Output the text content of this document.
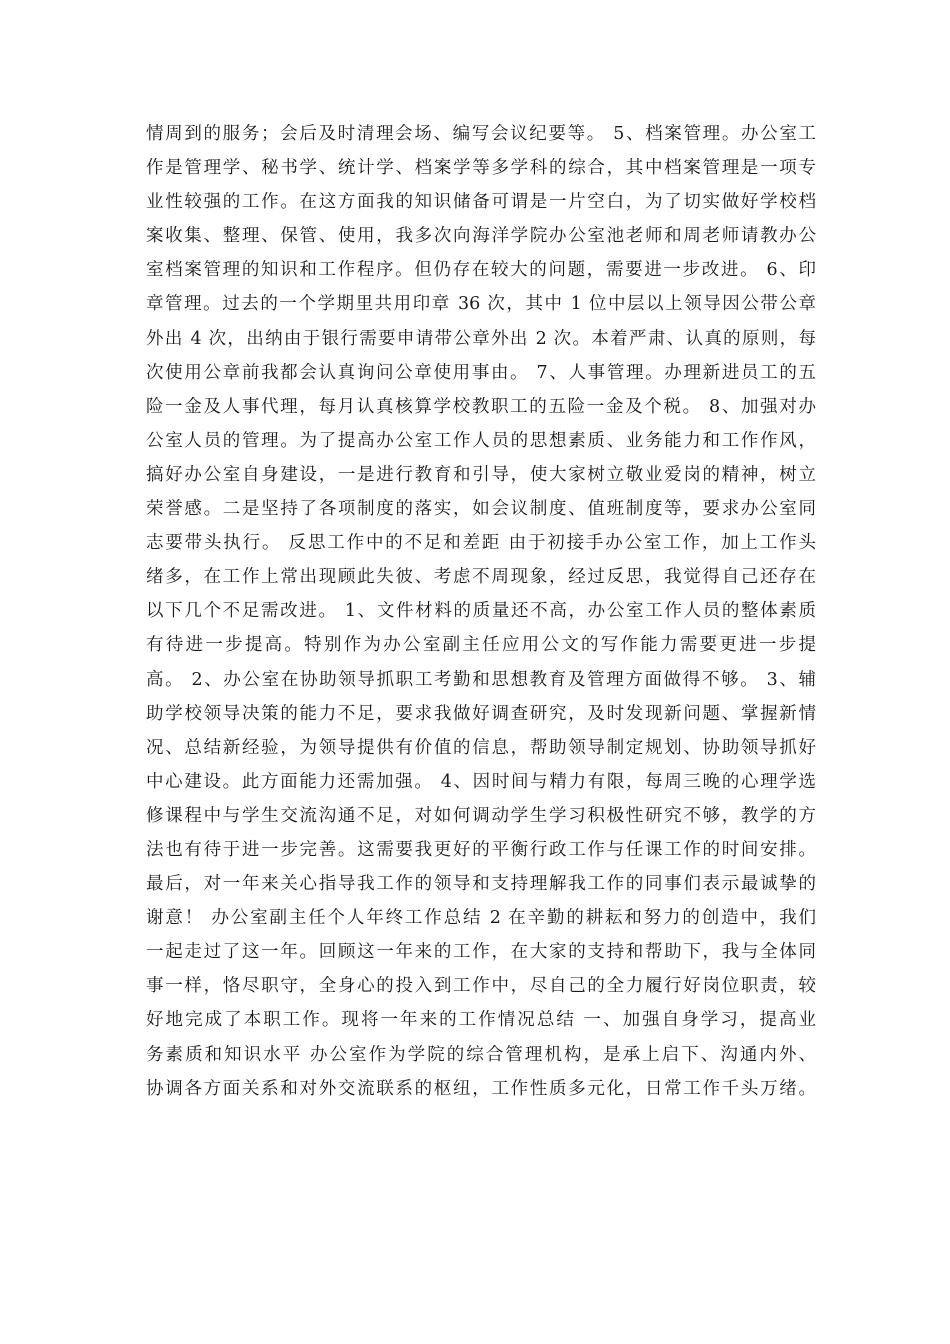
情周到的服务；会后及时清理会场、编写会议纪要等。 5、档案管理。办公室工
作是管理学、秘书学、统计学、档案学等多学科的综合，其中档案管理是一项专
业性较强的工作。在这方面我的知识储备可谓是一片空白，为了切实做好学校档
案收集、整理、保管、使用，我多次向海洋学院办公室池老师和周老师请教办公
室档案管理的知识和工作程序。但仍存在较大的问题，需要进一步改进。 6、印
章管理。过去的一个学期里共用印章 36 次，其中 1 位中层以上领导因公带公章
外出 4 次，出纳由于银行需要申请带公章外出 2 次。本着严肃、认真的原则，每
次使用公章前我都会认真询问公章使用事由。 7、人事管理。办理新进员工的五
险一金及人事代理，每月认真核算学校教职工的五险一金及个税。 8、加强对办
公室人员的管理。为了提高办公室工作人员的思想素质、业务能力和工作作风，
搞好办公室自身建设，一是进行教育和引导，使大家树立敬业爱岗的精神，树立
荣誉感。二是坚持了各项制度的落实，如会议制度、值班制度等，要求办公室同
志要带头执行。 反思工作中的不足和差距 由于初接手办公室工作，加上工作头
绪多，在工作上常出现顾此失彼、考虑不周现象，经过反思，我觉得自己还存在
以下几个不足需改进。 1、文件材料的质量还不高，办公室工作人员的整体素质
有待进一步提高。特别作为办公室副主任应用公文的写作能力需要更进一步提
高。 2、办公室在协助领导抓职工考勤和思想教育及管理方面做得不够。 3、辅
助学校领导决策的能力不足，要求我做好调查研究，及时发现新问题、掌握新情
况、总结新经验，为领导提供有价值的信息，帮助领导制定规划、协助领导抓好
中心建设。此方面能力还需加强。 4、因时间与精力有限，每周三晚的心理学选
修课程中与学生交流沟通不足，对如何调动学生学习积极性研究不够，教学的方
法也有待于进一步完善。这需要我更好的平衡行政工作与任课工作的时间安排。
最后，对一年来关心指导我工作的领导和支持理解我工作的同事们表示最诚挚的
谢意！ 办公室副主任个人年终工作总结 2 在辛勤的耕耘和努力的创造中，我们
一起走过了这一年。回顾这一年来的工作，在大家的支持和帮助下，我与全体同
事一样，恪尽职守，全身心的投入到工作中，尽自己的全力履行好岗位职责，较
好地完成了本职工作。现将一年来的工作情况总结 一、加强自身学习，提高业
务素质和知识水平 办公室作为学院的综合管理机构，是承上启下、沟通内外、
协调各方面关系和对外交流联系的枢纽，工作性质多元化，日常工作千头万绪。
